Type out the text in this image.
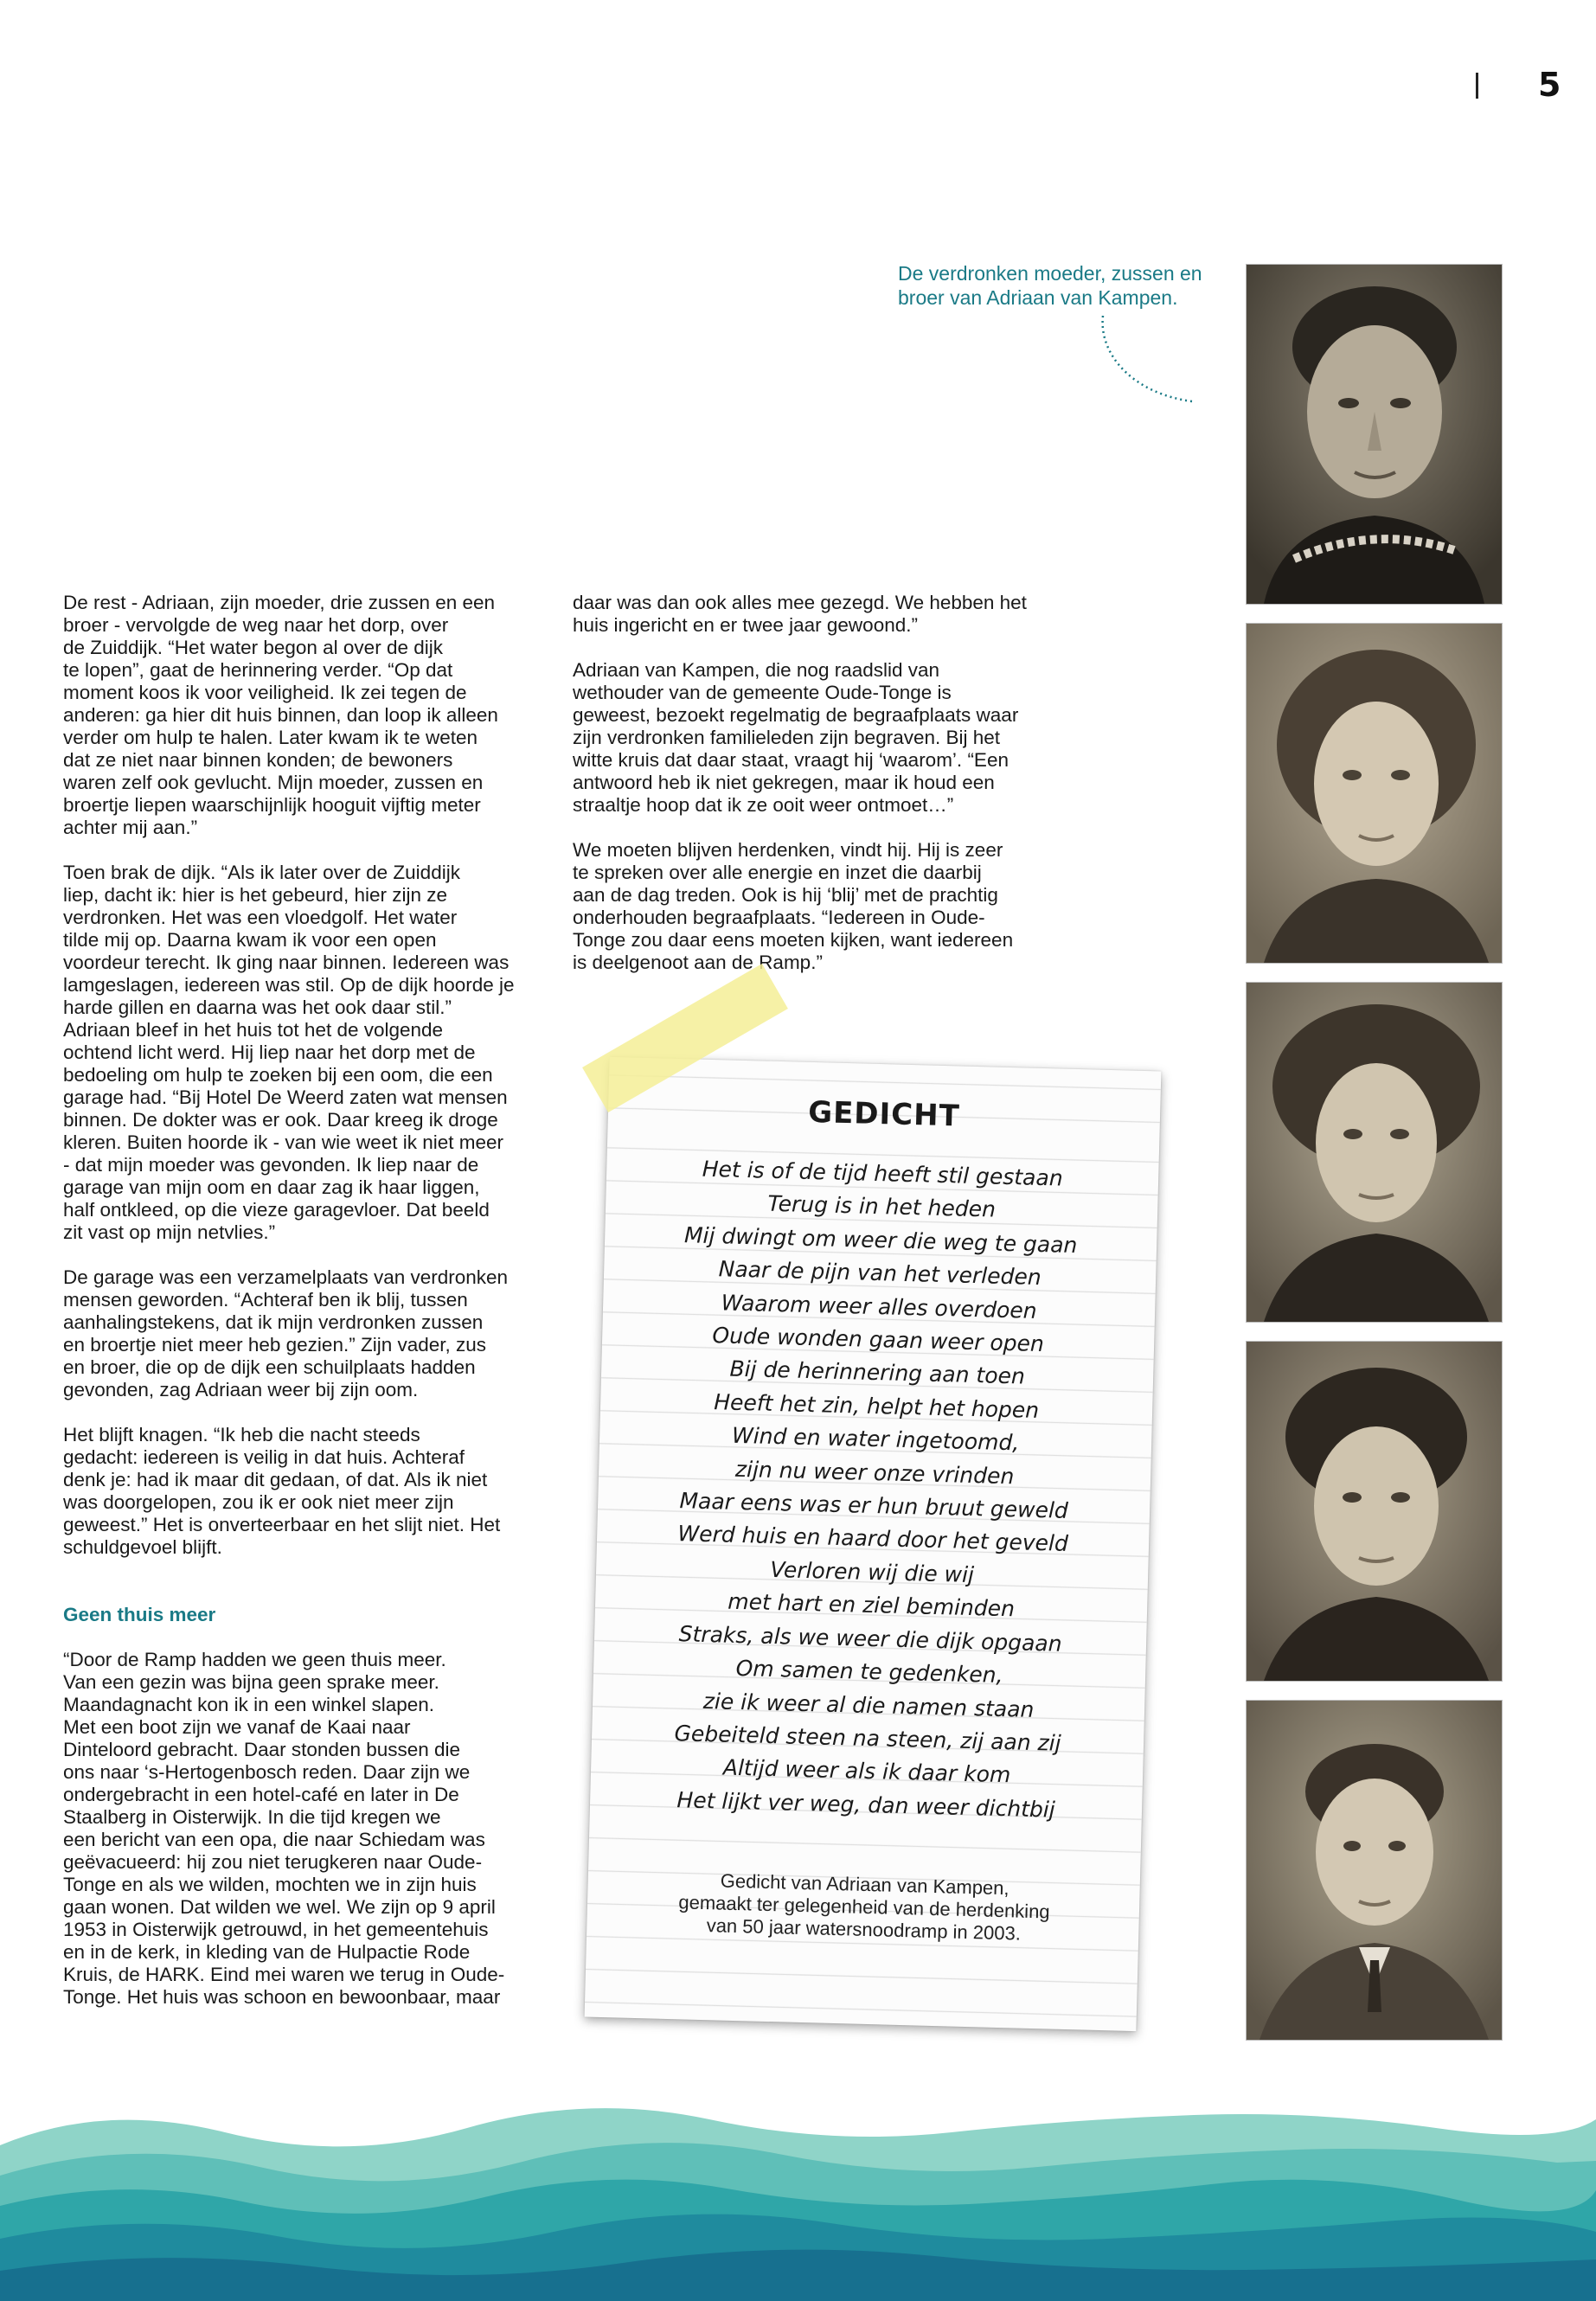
5
De verdronken moeder, zussen en broer van Adriaan van Kampen.

De rest - Adriaan, zijn moeder, drie zussen en een
broer - vervolgde de weg naar het dorp, over
de Zuiddijk. “Het water begon al over de dijk
te lopen”, gaat de herinnering verder. “Op dat
moment koos ik voor veiligheid. Ik zei tegen de
anderen: ga hier dit huis binnen, dan loop ik alleen
verder om hulp te halen. Later kwam ik te weten
dat ze niet naar binnen konden; de bewoners
waren zelf ook gevlucht. Mijn moeder, zussen en
broertje liepen waarschijnlijk hooguit vijftig meter
achter mij aan.”

Toen brak de dijk. “Als ik later over de Zuiddijk
liep, dacht ik: hier is het gebeurd, hier zijn ze
verdronken. Het was een vloedgolf. Het water
tilde mij op. Daarna kwam ik voor een open
voordeur terecht. Ik ging naar binnen. Iedereen was
lamgeslagen, iedereen was stil. Op de dijk hoorde je
harde gillen en daarna was het ook daar stil.”
Adriaan bleef in het huis tot het de volgende
ochtend licht werd. Hij liep naar het dorp met de
bedoeling om hulp te zoeken bij een oom, die een
garage had. “Bij Hotel De Weerd zaten wat mensen
binnen. De dokter was er ook. Daar kreeg ik droge
kleren. Buiten hoorde ik - van wie weet ik niet meer
- dat mijn moeder was gevonden. Ik liep naar de
garage van mijn oom en daar zag ik haar liggen,
half ontkleed, op die vieze garagevloer. Dat beeld
zit vast op mijn netvlies.”

De garage was een verzamelplaats van verdronken
mensen geworden. “Achteraf ben ik blij, tussen
aanhalingstekens, dat ik mijn verdronken zussen
en broertje niet meer heb gezien.” Zijn vader, zus
en broer, die op de dijk een schuilplaats hadden
gevonden, zag Adriaan weer bij zijn oom.

Het blijft knagen. “Ik heb die nacht steeds
gedacht: iedereen is veilig in dat huis. Achteraf
denk je: had ik maar dit gedaan, of dat. Als ik niet
was doorgelopen, zou ik er ook niet meer zijn
geweest.” Het is onverteerbaar en het slijt niet. Het
schuldgevoel blijft.

Geen thuis meer

“Door de Ramp hadden we geen thuis meer.
Van een gezin was bijna geen sprake meer.
Maandagnacht kon ik in een winkel slapen.
Met een boot zijn we vanaf de Kaai naar
Dinteloord gebracht. Daar stonden bussen die
ons naar ‘s-Hertogenbosch reden. Daar zijn we
ondergebracht in een hotel-café en later in De
Staalberg in Oisterwijk. In die tijd kregen we
een bericht van een opa, die naar Schiedam was
geëvacueerd: hij zou niet terugkeren naar Oude-
Tonge en als we wilden, mochten we in zijn huis
gaan wonen. Dat wilden we wel. We zijn op 9 april
1953 in Oisterwijk getrouwd, in het gemeentehuis
en in de kerk, in kleding van de Hulpactie Rode
Kruis, de HARK. Eind mei waren we terug in Oude-
Tonge. Het huis was schoon en bewoonbaar, maar

daar was dan ook alles mee gezegd. We hebben het
huis ingericht en er twee jaar gewoond.”

Adriaan van Kampen, die nog raadslid van
wethouder van de gemeente Oude-Tonge is
geweest, bezoekt regelmatig de begraafplaats waar
zijn verdronken familieleden zijn begraven. Bij het
witte kruis dat daar staat, vraagt hij ‘waarom’. “Een
antwoord heb ik niet gekregen, maar ik houd een
straaltje hoop dat ik ze ooit weer ontmoet…”

We moeten blijven herdenken, vindt hij. Hij is zeer
te spreken over alle energie en inzet die daarbij
aan de dag treden. Ook is hij ‘blij’ met de prachtig
onderhouden begraafplaats. “Iedereen in Oude-
Tonge zou daar eens moeten kijken, want iedereen
is deelgenoot aan de Ramp.”

GEDICHT
Het is of de tijd heeft stil gestaan
Terug is in het heden
Mij dwingt om weer die weg te gaan
Naar de pijn van het verleden
Waarom weer alles overdoen
Oude wonden gaan weer open
Bij de herinnering aan toen
Heeft het zin, helpt het hopen
Wind en water ingetoomd,
zijn nu weer onze vrinden
Maar eens was er hun bruut geweld
Werd huis en haard door het geveld
Verloren wij die wij
met hart en ziel beminden
Straks, als we weer die dijk opgaan
Om samen te gedenken,
zie ik weer al die namen staan
Gebeiteld steen na steen, zij aan zij
Altijd weer als ik daar kom
Het lijkt ver weg, dan weer dichtbij
Gedicht van Adriaan van Kampen,
gemaakt ter gelegenheid van de herdenking
van 50 jaar watersnoodramp in 2003.
